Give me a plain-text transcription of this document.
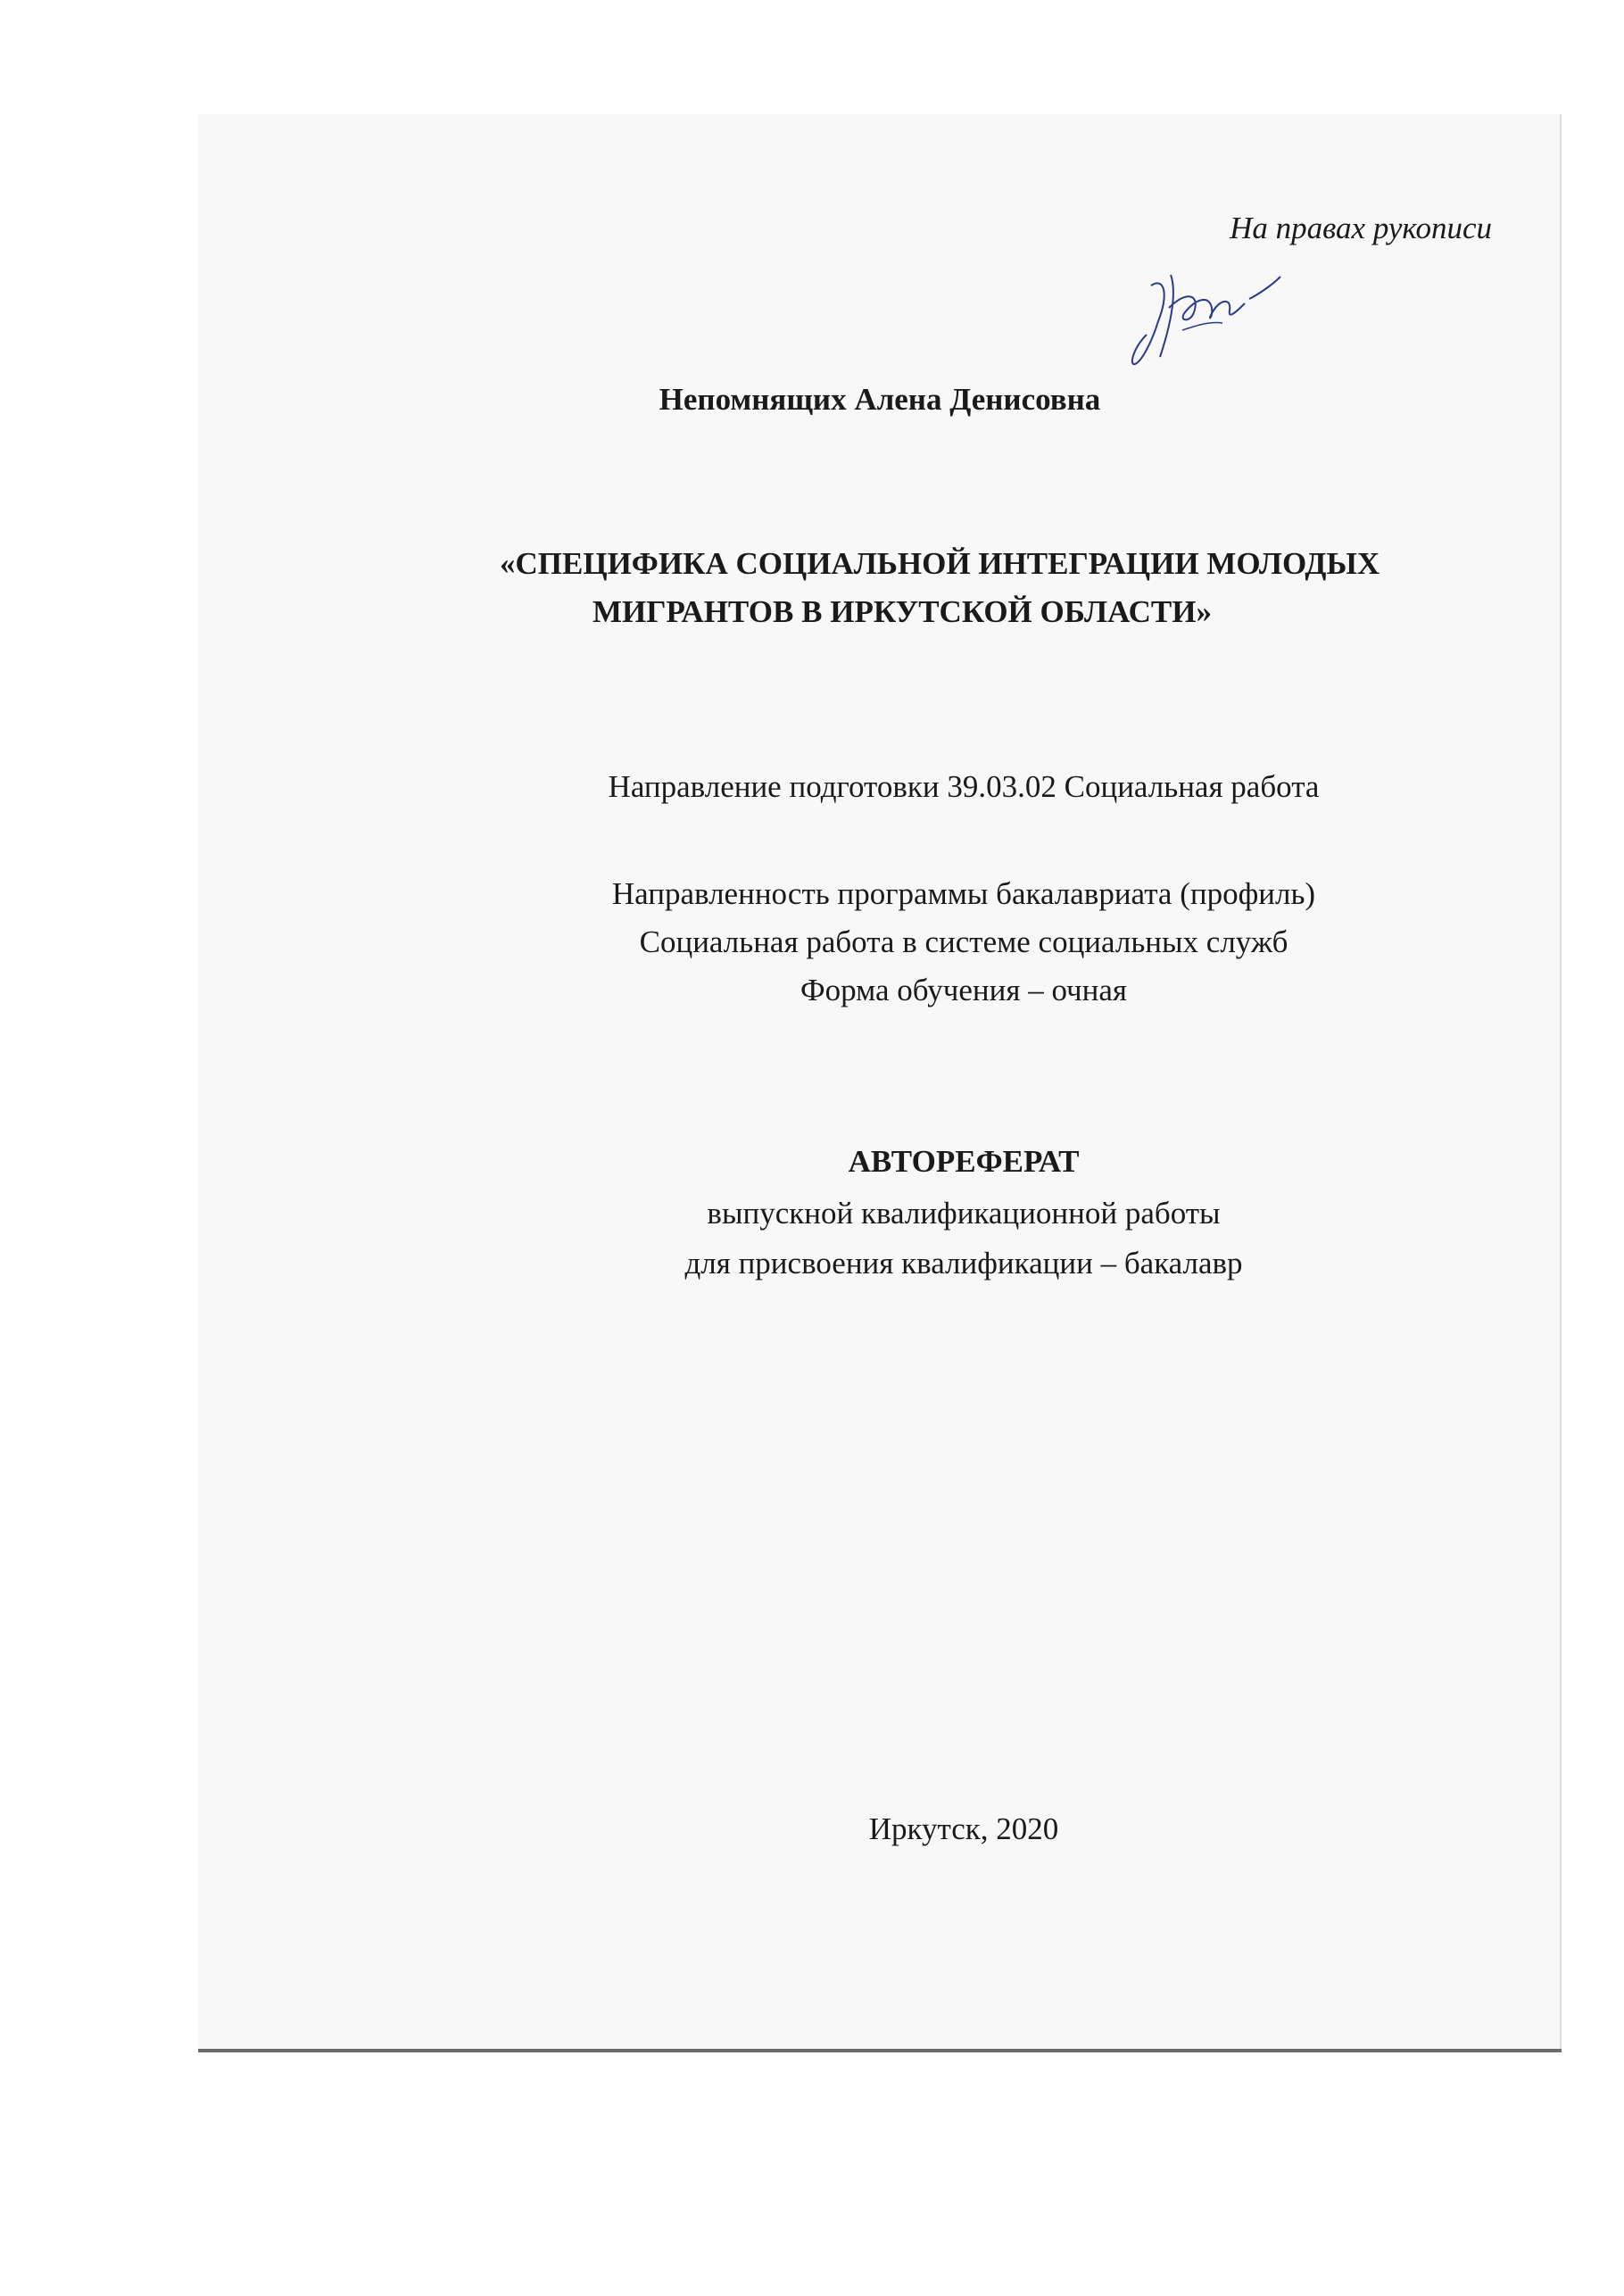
На правах рукописи
Непомнящих Алена Денисовна
«СПЕЦИФИКА СОЦИАЛЬНОЙ ИНТЕГРАЦИИ МОЛОДЫХ
МИГРАНТОВ В ИРКУТСКОЙ ОБЛАСТИ»
Направление подготовки 39.03.02 Социальная работа
Направленность программы бакалавриата (профиль)
Социальная работа в системе социальных служб
Форма обучения – очная
АВТОРЕФЕРАТ
выпускной квалификационной работы
для присвоения квалификации – бакалавр
Иркутск, 2020
